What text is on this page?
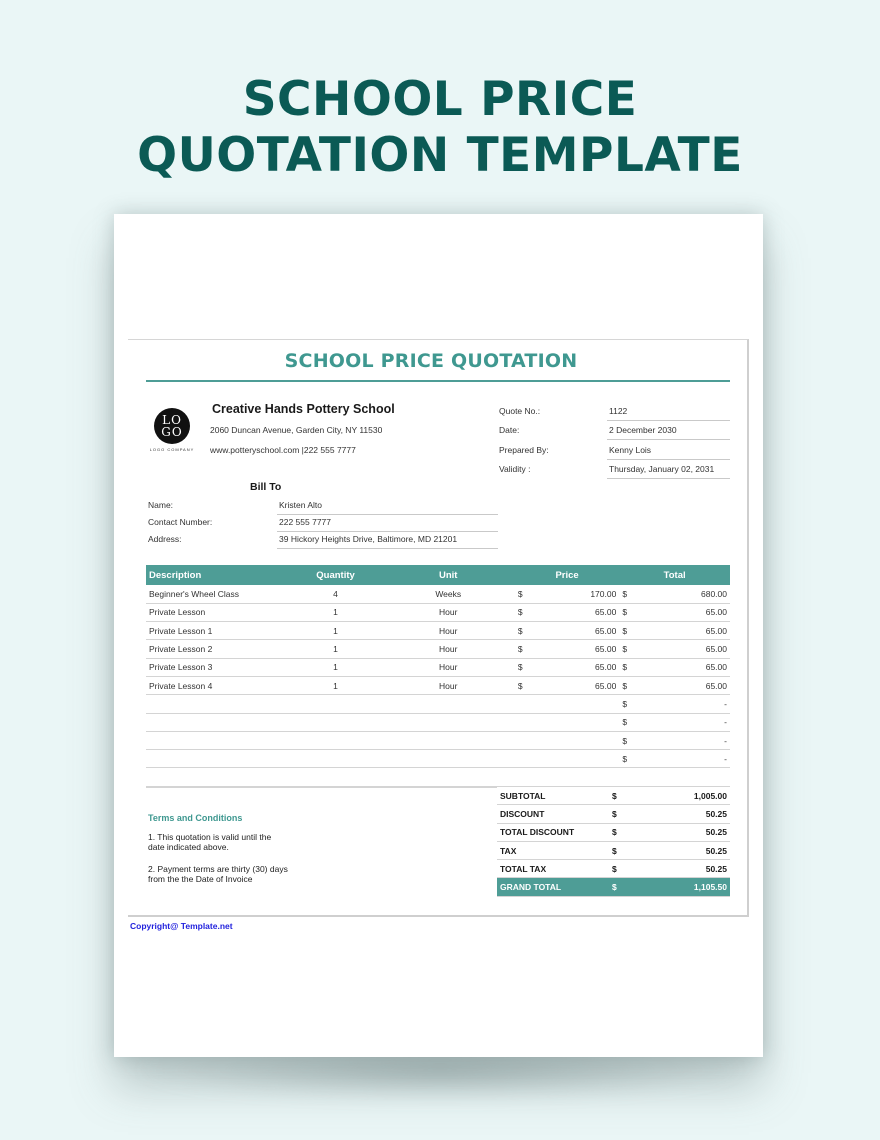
SCHOOL PRICE
QUOTATION TEMPLATE
SCHOOL PRICE QUOTATION
LO
GO
LOGO COMPANY
Creative Hands Pottery School
2060 Duncan Avenue, Garden City, NY 11530
www.potteryschool.com |222 555 7777
Quote No.:	1122
Date:	2 December 2030
Prepared By:	Kenny Lois
Validity :	Thursday, January 02, 2031
Bill To
Name:	Kristen Alto
Contact Number:	222 555 7777
Address:	39 Hickory Heights Drive, Baltimore, MD 21201
Description	Quantity	Unit	Price		Total	
Beginner's Wheel Class	4	Weeks	$	170.00	$	680.00
Private Lesson	1	Hour	$	65.00	$	65.00
Private Lesson 1	1	Hour	$	65.00	$	65.00
Private Lesson 2	1	Hour	$	65.00	$	65.00
Private Lesson 3	1	Hour	$	65.00	$	65.00
Private Lesson 4	1	Hour	$	65.00	$	65.00
					$	-
					$	-
					$	-
					$	-
SUBTOTAL	$	1,005.00
DISCOUNT	$	50.25
TOTAL DISCOUNT	$	50.25
TAX	$	50.25
TOTAL TAX	$	50.25
GRAND TOTAL	$	1,105.50
Terms and Conditions
1. This quotation is valid until the date indicated above.
2. Payment terms are thirty (30) days from the the Date of Invoice
Copyright@ Template.net
